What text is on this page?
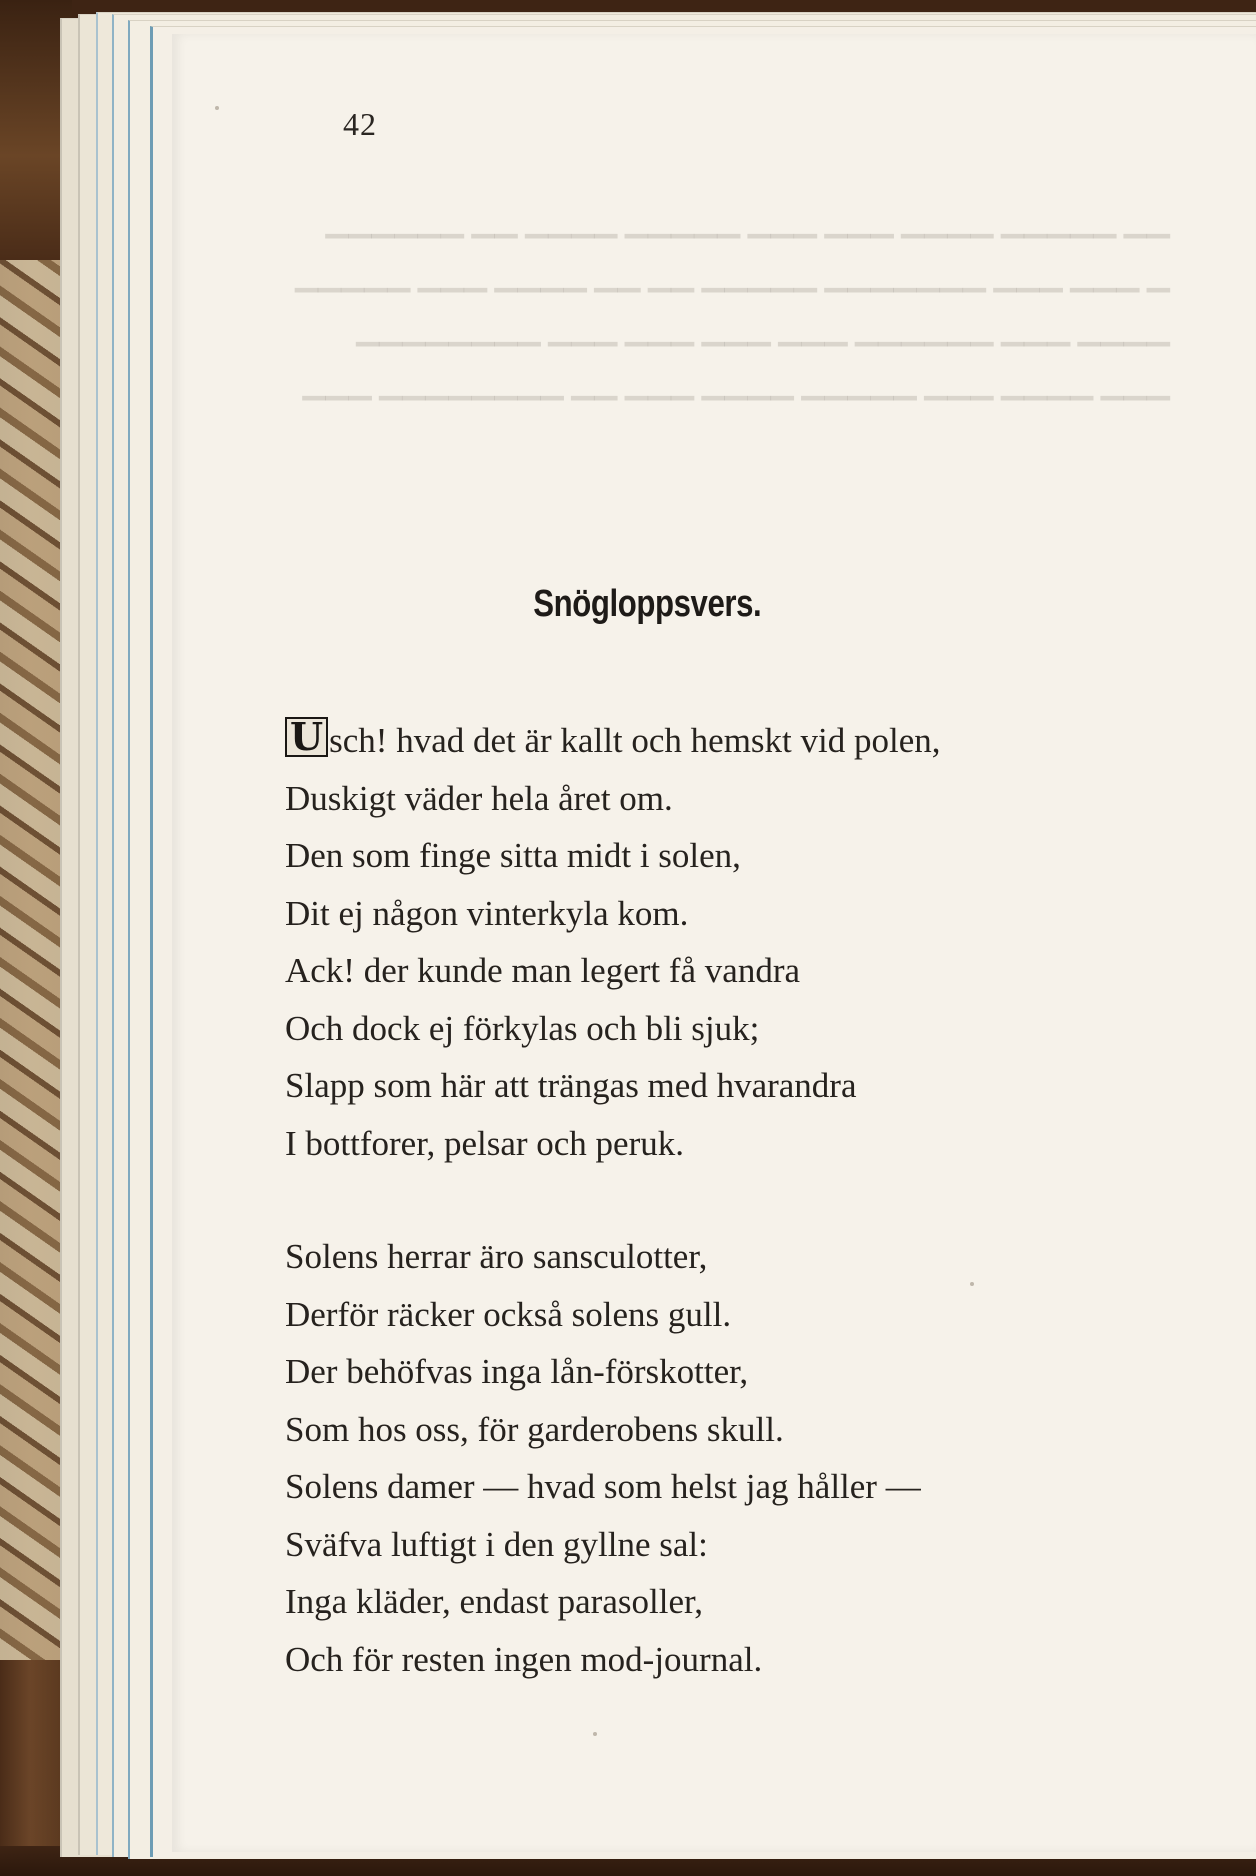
▁▁ ▁▁▁▁▁ ▁▁▁▁ ▁▁▁ ▁▁▁ ▁▁▁▁▁ ▁▁▁▁ ▁▁ ▁▁▁▁▁▁
▁ ▁▁▁ ▁▁▁ ▁▁▁▁▁▁▁ ▁▁▁▁▁ ▁▁ ▁▁ ▁▁▁▁ ▁▁▁ ▁▁▁▁▁
▁▁▁▁ ▁▁▁ ▁▁▁▁▁▁ ▁▁▁ ▁▁▁ ▁▁▁ ▁▁▁ ▁▁▁▁▁▁▁▁
▁▁▁ ▁▁▁▁ ▁▁▁ ▁▁▁▁▁ ▁▁▁▁ ▁▁▁ ▁▁ ▁▁▁▁▁▁▁▁ ▁▁▁
42
Snögloppsvers.
U sch! hvad det är kallt och hemskt vid polen,
Duskigt väder hela året om.
Den som finge sitta midt i solen,
Dit ej någon vinterkyla kom.
Ack! der kunde man legert få vandra
Och dock ej förkylas och bli sjuk;
Slapp som här att trängas med hvarandra
I bottforer, pelsar och peruk.
Solens herrar äro sansculotter,
Derför räcker också solens gull.
Der behöfvas inga lån-förskotter,
Som hos oss, för garderobens skull.
Solens damer — hvad som helst jag håller —
Sväfva luftigt i den gyllne sal:
Inga kläder, endast parasoller,
Och för resten ingen mod-journal.
